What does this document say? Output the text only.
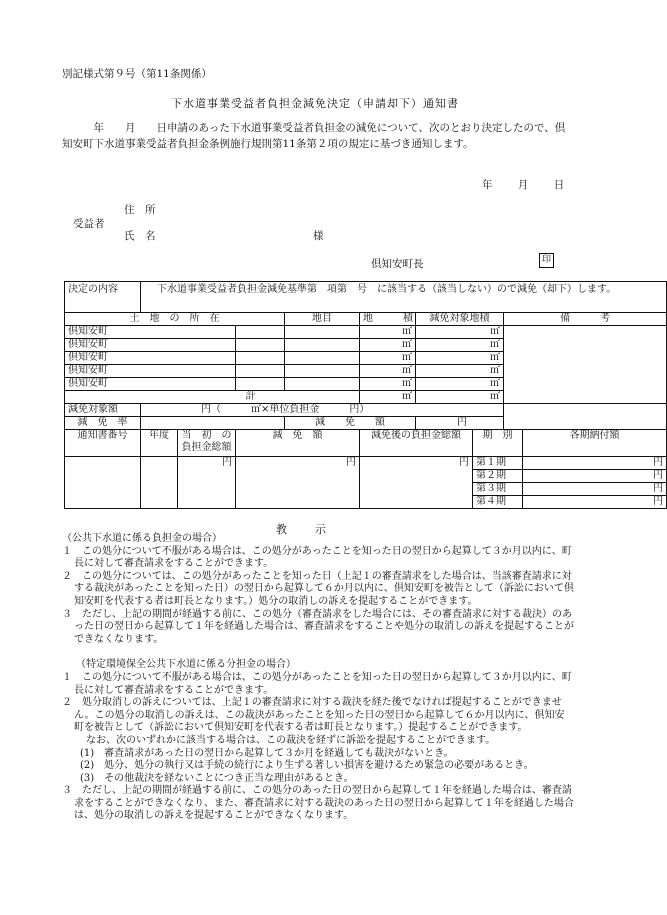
別記様式第９号（第11条関係）
下水道事業受益者負担金減免決定（申請却下）通知書
　　　年　　月　　日申請のあった下水道事業受益者負担金の減免について、次のとおり決定したので、倶知安町下水道事業受益者負担金条例施行規則第11条第２項の規定に基づき通知します。
年 月 日
住　所
受益者
氏　名	様
倶知安町長	印
決定の内容	下水道事業受益者負担金減免基準第　項第　号　に該当する（該当しない）ので減免（却下）します。							
土　地　の　所　在			地目	地　　　積	減免対象地積		備　　　考	
倶知安町				㎡	㎡			
倶知安町				㎡	㎡			
倶知安町				㎡	㎡			
倶知安町				㎡	㎡			
倶知安町				㎡	㎡			
計				㎡	㎡			
減免対象額	円（　　　㎡×単位負担金　　　円）							
減　免　率			減　　免　　額		円			
通知書番号	年度 当　初　の負担金総額	減　免　額		減免後の負担金総額		期　別		各期納付額

	円	円		円		第１期		円
						第２期		円
						第３期		円
						第４期		円
教示

（公共下水道に係る負担金の場合）

１　この処分について不服がある場合は、この処分があったことを知った日の翌日から起算して３か月以内に、町長に対して審査請求をすることができます。

２　この処分については、この処分があったことを知った日（上記１の審査請求をした場合は、当該審査請求に対する裁決があったことを知った日）の翌日から起算して６か月以内に、倶知安町を被告として（訴訟において倶知安町を代表する者は町長となります。）処分の取消しの訴えを提起することができます。

３　ただし、上記の期間が経過する前に、この処分（審査請求をした場合には、その審査請求に対する裁決）のあった日の翌日から起算して１年を経過した場合は、審査請求をすることや処分の取消しの訴えを提起することができなくなります。

（特定環境保全公共下水道に係る分担金の場合）

１　この処分について不服がある場合は、この処分があったことを知った日の翌日から起算して３か月以内に、町長に対して審査請求をすることができます。

２　処分取消しの訴えについては、上記１の審査請求に対する裁決を経た後でなければ提起することができません。この処分の取消しの訴えは、この裁決があったことを知った日の翌日から起算して６か月以内に、倶知安町を被告として（訴訟において倶知安町を代表する者は町長となります。）提起することができます。

なお、次のいずれかに該当する場合は、この裁決を経ずに訴訟を提起することができます。

(1)　審査請求があった日の翌日から起算して３か月を経過しても裁決がないとき。

(2)　処分、処分の執行又は手続の続行により生ずる著しい損害を避けるため緊急の必要があるとき。

(3)　その他裁決を経ないことにつき正当な理由があるとき。

３　ただし、上記の期間が経過する前に、この処分のあった日の翌日から起算して１年を経過した場合は、審査請求をすることができなくなり、また、審査請求に対する裁決のあった日の翌日から起算して１年を経過した場合は、処分の取消しの訴えを提起することができなくなります。
